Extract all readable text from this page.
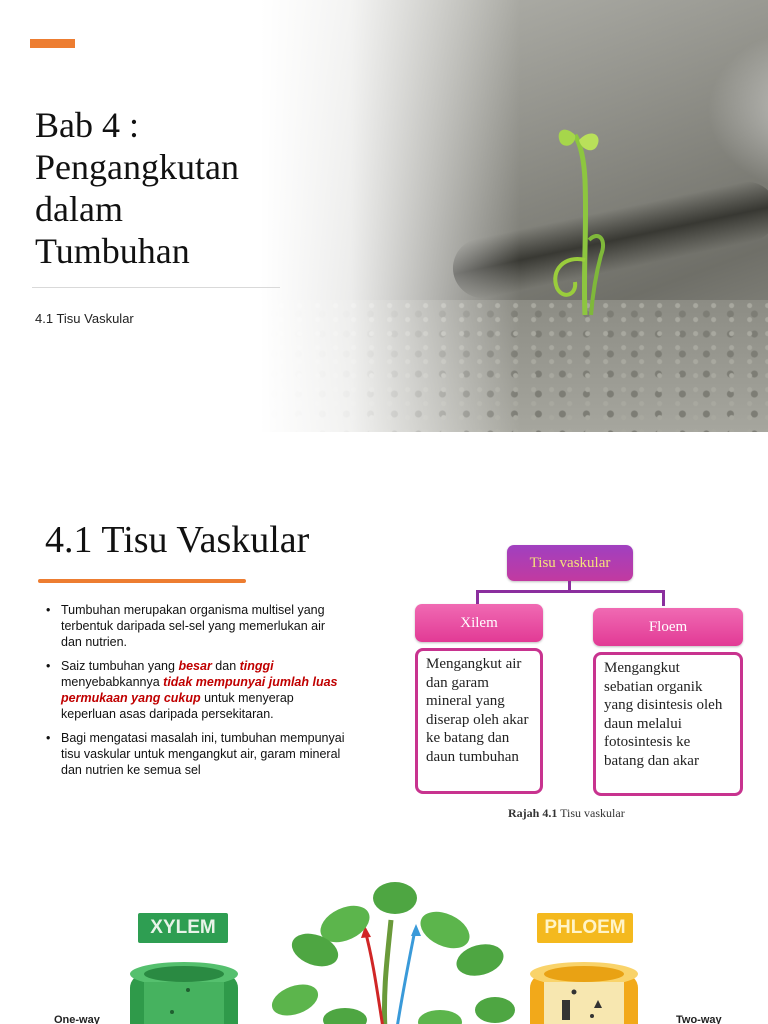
Bab 4 : Pengangkutan dalam Tumbuhan
4.1 Tisu Vaskular
4.1 Tisu Vaskular
• Tumbuhan merupakan organisma multisel yang terbentuk daripada sel-sel yang memerlukan air dan nutrien.
• Saiz tumbuhan yang besar dan tinggi menyebabkannya tidak mempunyai jumlah luas permukaan yang cukup untuk menyerap keperluan asas daripada persekitaran.
• Bagi mengatasi masalah ini, tumbuhan mempunyai tisu vaskular untuk mengangkut air, garam mineral dan nutrien ke semua sel
Tisu vaskular
Xilem	Floem
Mengangkut air dan garam mineral yang diserap oleh akar ke batang dan daun tumbuhan
Mengangkut sebatian organik yang disintesis oleh daun melalui fotosintesis ke batang dan akar
Rajah 4.1 Tisu vaskular
XYLEM	PHLOEM
One-way	Two-way
